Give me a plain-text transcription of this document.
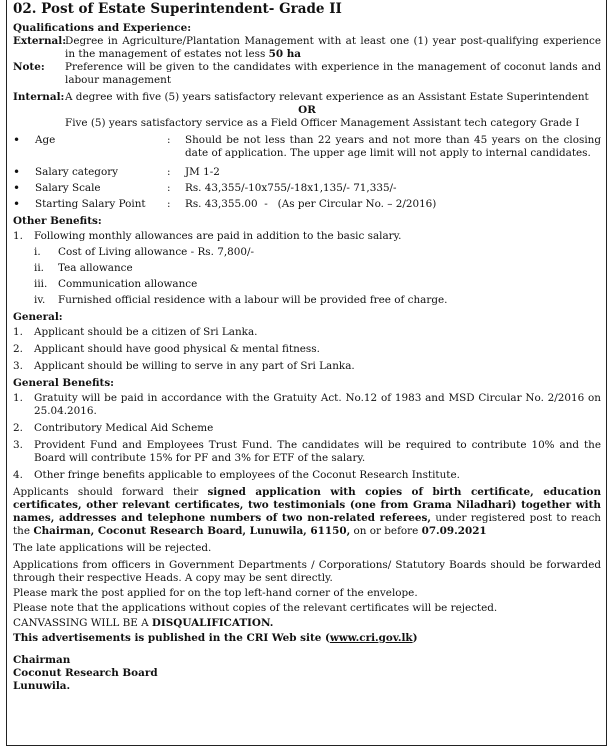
02. Post of Estate Superintendent- Grade II
Qualifications and Experience:
External:
Degree in Agriculture/Plantation Management with at least one (1) year post-qualifying experience in the management of estates not less 50 ha
Note:	Preference will be given to the candidates with experience in the management of coconut lands and labour management
Internal: A degree with five (5) years satisfactory relevant experience as an Assistant Estate Superintendent
OR
Five (5) years satisfactory service as a Field Officer Management Assistant tech category Grade I
•	Age	:	Should be not less than 22 years and not more than 45 years on the closing date of application. The upper age limit will not apply to internal candidates.
•	Salary category	:	JM 1-2
•	Salary Scale	:	Rs. 43,355/-10x755/-18x1,135/- 71,335/-
•	Starting Salary Point	:	Rs. 43,355.00  -   (As per Circular No. – 2/2016)
Other Benefits:
1.	Following monthly allowances are paid in addition to the basic salary.
i.	Cost of Living allowance - Rs. 7,800/-
ii.	Tea allowance
iii.	Communication allowance
iv.	Furnished official residence with a labour will be provided free of charge.
General:
1.	Applicant should be a citizen of Sri Lanka.
2.	Applicant should have good physical & mental fitness.
3.	Applicant should be willing to serve in any part of Sri Lanka.
General Benefits:
1.	Gratuity will be paid in accordance with the Gratuity Act. No.12 of 1983 and MSD Circular No. 2/2016 on 25.04.2016.
2.	Contributory Medical Aid Scheme
3.	Provident Fund and Employees Trust Fund. The candidates will be required to contribute 10% and the Board will contribute 15% for PF and 3% for ETF of the salary.
4.	Other fringe benefits applicable to employees of the Coconut Research Institute.
Applicants should forward their signed application with copies of birth certificate, education certificates, other relevant certificates, two testimonials (one from Grama Niladhari) together with names, addresses and telephone numbers of two non-related referees, under registered post to reach the Chairman, Coconut Research Board, Lunuwila, 61150, on or before 07.09.2021
The late applications will be rejected.
Applications from officers in Government Departments / Corporations/ Statutory Boards should be forwarded through their respective Heads. A copy may be sent directly.
Please mark the post applied for on the top left-hand corner of the envelope.
Please note that the applications without copies of the relevant certificates will be rejected.
CANVASSING WILL BE A DISQUALIFICATION.
This advertisements is published in the CRI Web site (www.cri.gov.lk)
Chairman
Coconut Research Board
Lunuwila.
